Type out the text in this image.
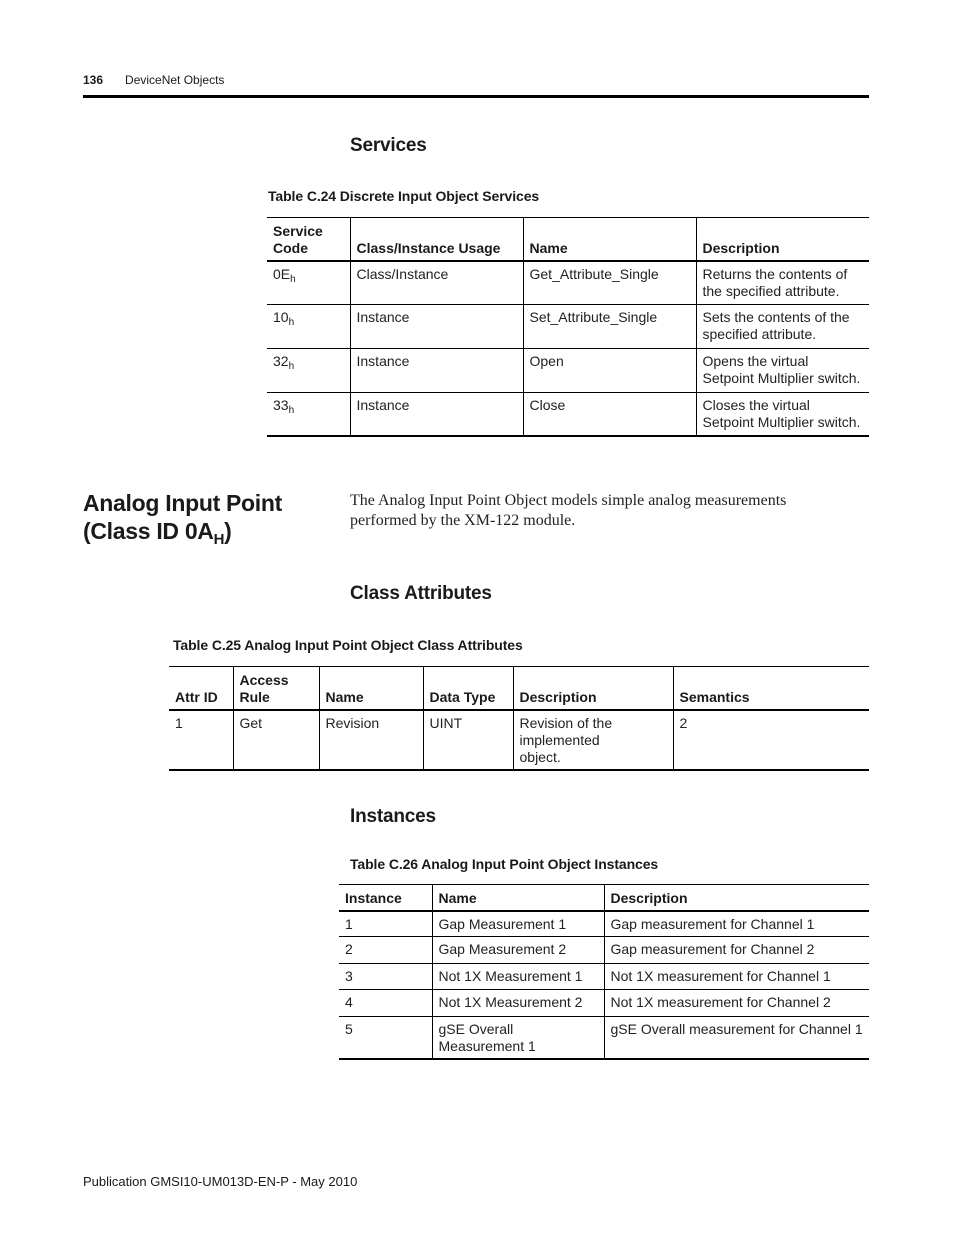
136 DeviceNet Objects
Services
Table C.24 Discrete Input Object Services
Service Code	Class/Instance Usage	Name	Description
$0E_h$	Class/Instance	Get_Attribute_Single	Returns the contents of the specified attribute.
$10_h$	Instance	Set_Attribute_Single	Sets the contents of the specified attribute.
$32_h$	Instance	Open	Opens the virtual Setpoint Multiplier switch.
$33_h$	Instance	Close	Closes the virtual Setpoint Multiplier switch.
Analog Input Point
(Class ID $0A_H$)
The Analog Input Point Object models simple analog measurements performed by the XM-122 module.
Class Attributes
Table C.25 Analog Input Point Object Class Attributes
Attr ID	Access Rule	Name	Data Type	Description	Semantics
1	Get	Revision	UINT	Revision of the implemented object.	2
Instances
Table C.26 Analog Input Point Object Instances
Instance	Name	Description
1	Gap Measurement 1	Gap measurement for Channel 1
2	Gap Measurement 2	Gap measurement for Channel 2
3	Not 1X Measurement 1	Not 1X measurement for Channel 1
4	Not 1X Measurement 2	Not 1X measurement for Channel 2
5	gSE Overall Measurement 1	gSE Overall measurement for Channel 1
Publication GMSI10-UM013D-EN-P - May 2010
